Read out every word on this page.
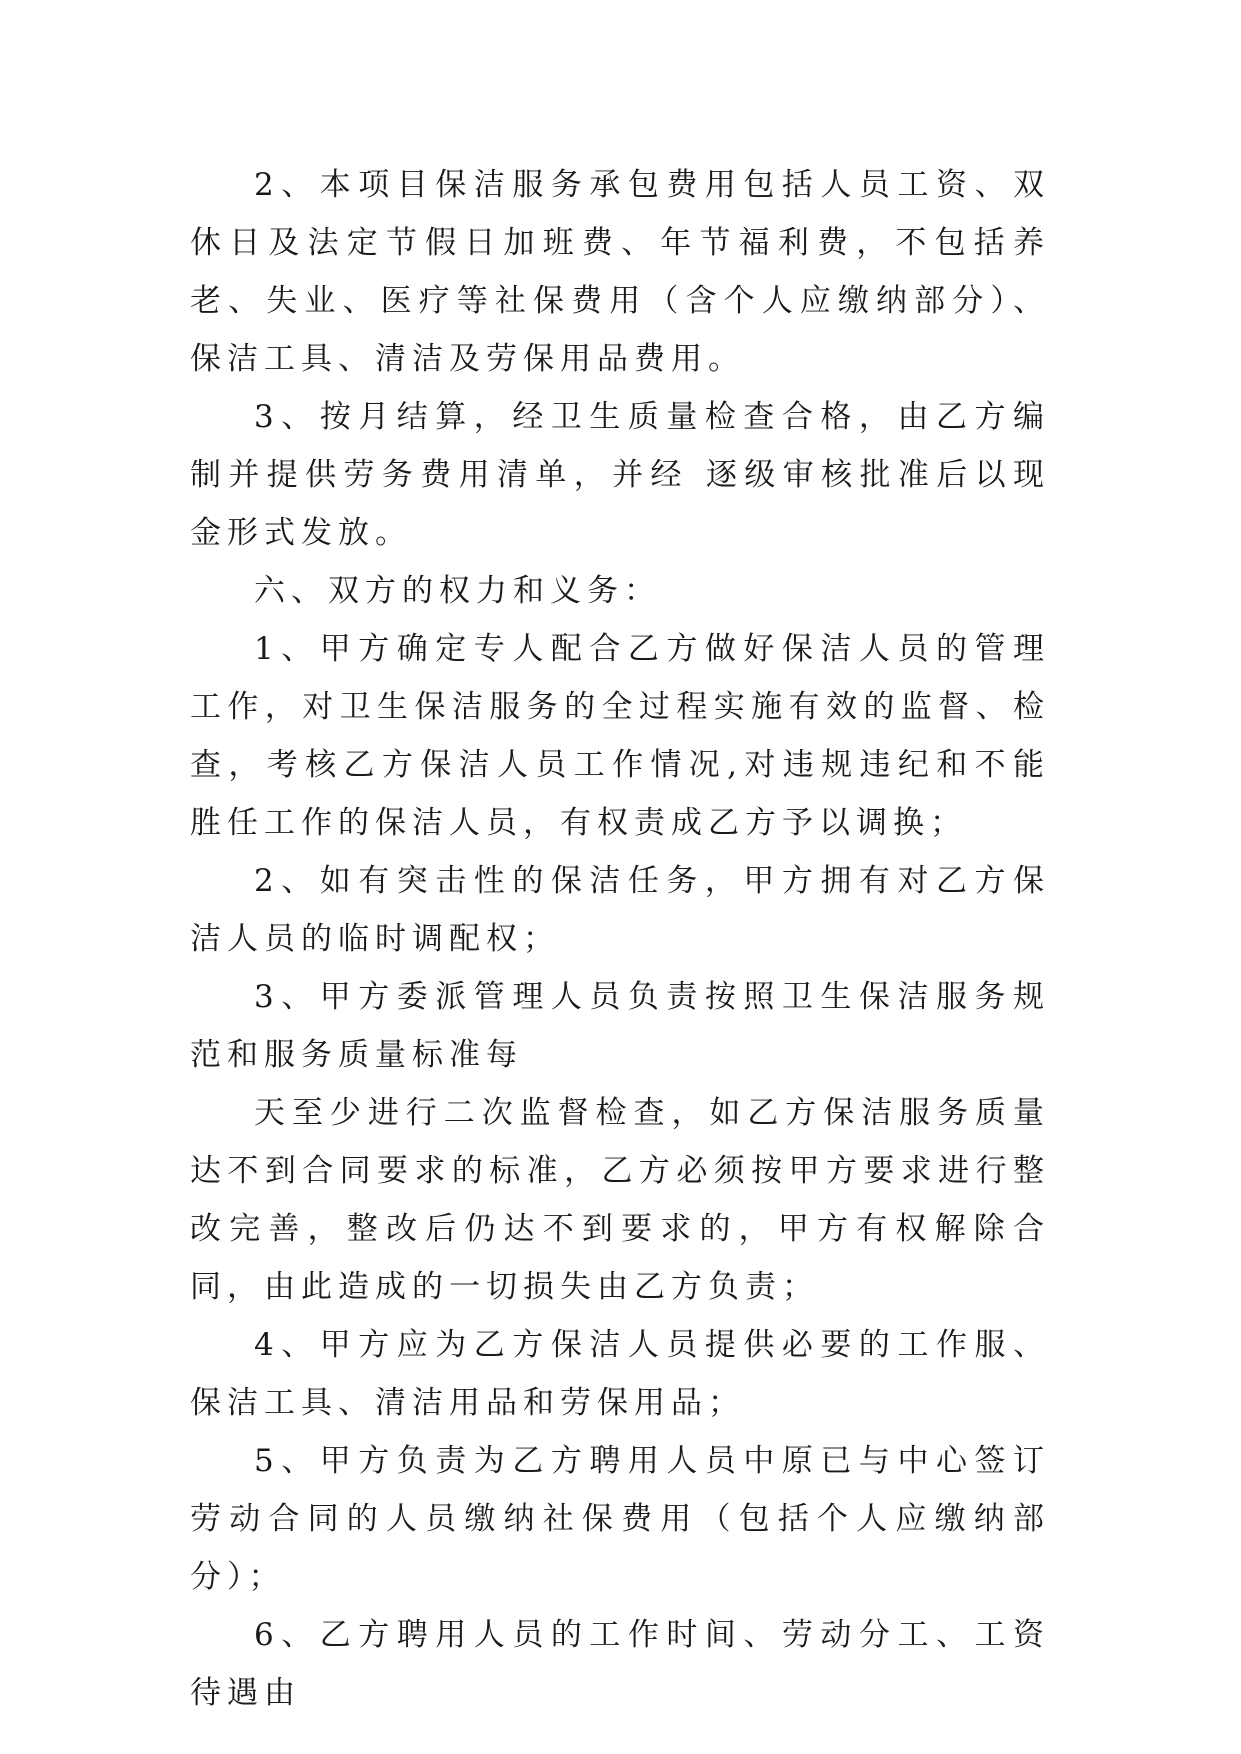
2、本项目保洁服务承包费用包括人员工资、双休日及法定节假日加班费、年节福利费，不包括养老、失业、医疗等社保费用（含个人应缴纳部分）、保洁工具、清洁及劳保用品费用。

3、按月结算，经卫生质量检查合格，由乙方编制并提供劳务费用清单，并经 逐级审核批准后以现金形式发放。

六、双方的权力和义务：

1、甲方确定专人配合乙方做好保洁人员的管理工作，对卫生保洁服务的全过程实施有效的监督、检查，考核乙方保洁人员工作情况,对违规违纪和不能胜任工作的保洁人员，有权责成乙方予以调换；

2、如有突击性的保洁任务，甲方拥有对乙方保洁人员的临时调配权；

3、甲方委派管理人员负责按照卫生保洁服务规范和服务质量标准每

天至少进行二次监督检查，如乙方保洁服务质量达不到合同要求的标准，乙方必须按甲方要求进行整改完善，整改后仍达不到要求的，甲方有权解除合同，由此造成的一切损失由乙方负责；

4、甲方应为乙方保洁人员提供必要的工作服、保洁工具、清洁用品和劳保用品；

5、甲方负责为乙方聘用人员中原已与中心签订劳动合同的人员缴纳社保费用（包括个人应缴纳部分）；

6、乙方聘用人员的工作时间、劳动分工、工资待遇由
